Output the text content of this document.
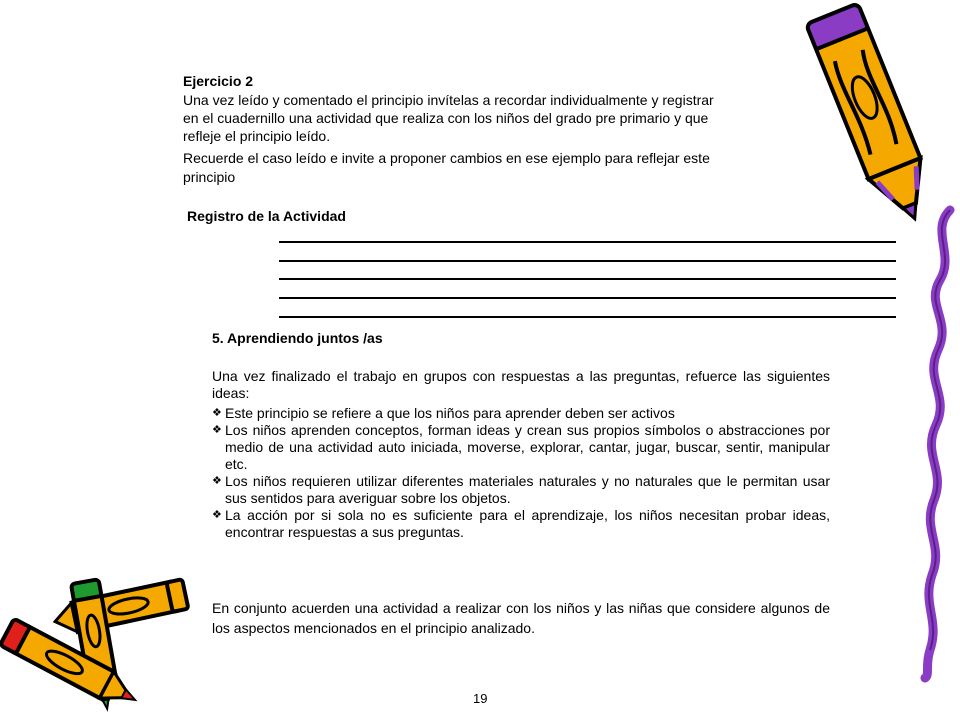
Ejercicio 2
Una vez leído y comentado el principio invítelas a recordar individualmente y registrar
en el cuadernillo una actividad que realiza con los niños del grado pre primario y que
refleje el principio leído.
Recuerde el caso leído e invite a proponer cambios en ese ejemplo para reflejar este
principio
Registro de la Actividad
5. Aprendiendo juntos /as
Una vez finalizado el trabajo en grupos con respuestas a las preguntas, refuerce las siguientes ideas:
❖ Este principio se refiere a que los niños para aprender deben ser activos
❖ Los niños aprenden conceptos, forman ideas y crean sus propios símbolos o abstracciones por medio de una actividad auto iniciada, moverse, explorar, cantar, jugar, buscar, sentir, manipular etc.
❖ Los niños requieren utilizar diferentes materiales naturales y no naturales que le permitan usar sus sentidos para averiguar sobre los objetos.
❖ La acción por si sola no es suficiente para el aprendizaje, los niños necesitan probar ideas, encontrar respuestas a sus preguntas.
En conjunto acuerden una actividad a realizar con los niños y las niñas que considere algunos de los aspectos mencionados en el principio analizado.
19
